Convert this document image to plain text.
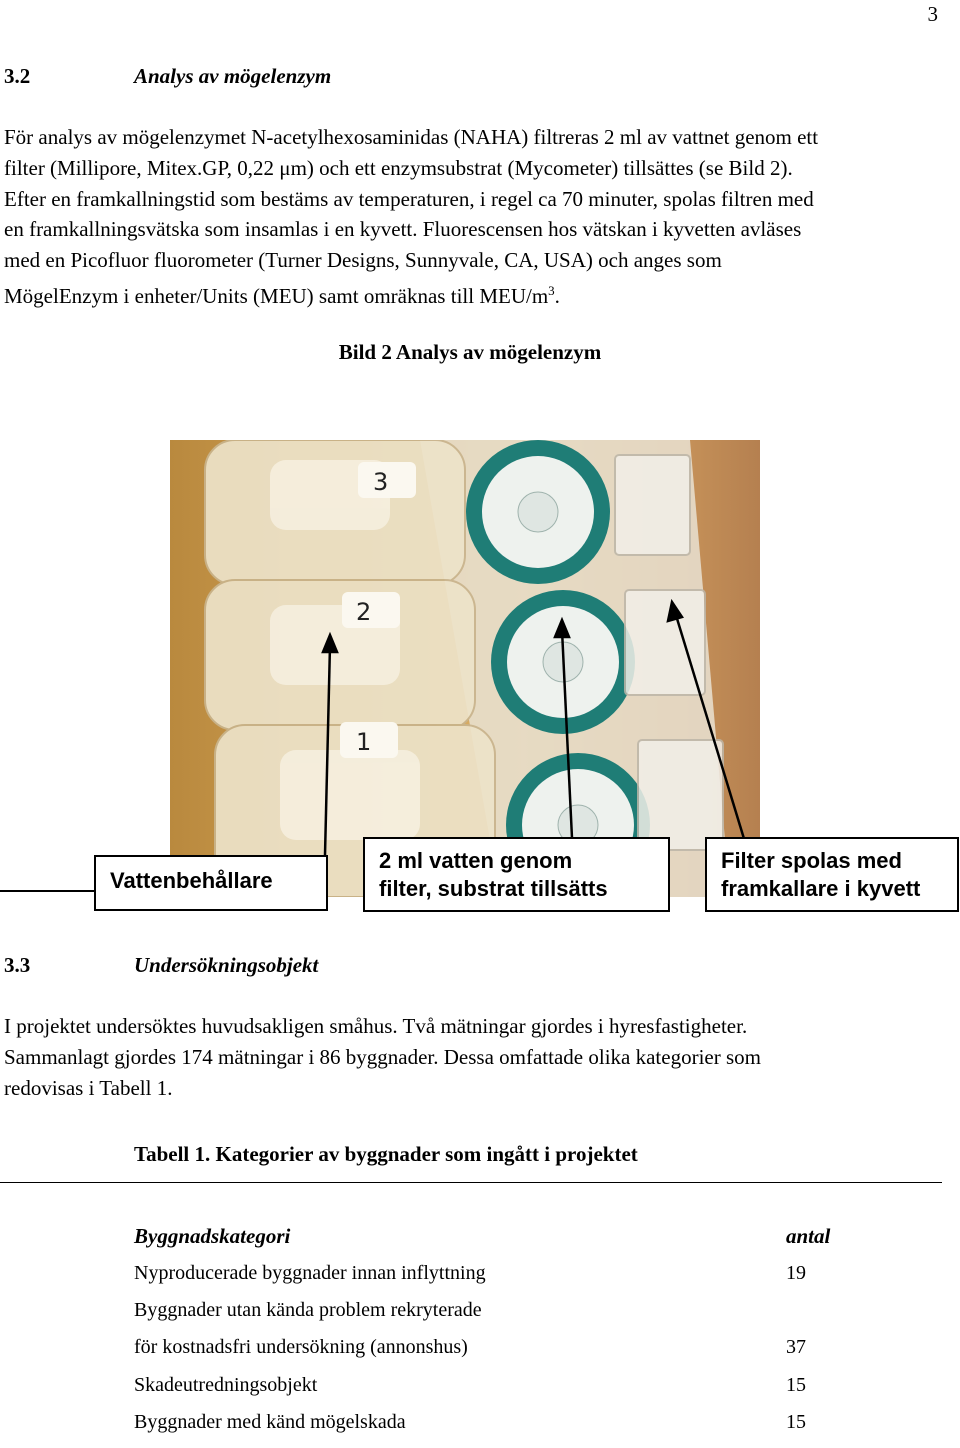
3
3.2	Analys av mögelenzym
För analys av mögelenzymet N-acetylhexosaminidas (NAHA) filtreras 2 ml av vattnet genom ett
filter (Millipore, Mitex.GP, 0,22 μm) och ett enzymsubstrat (Mycometer) tillsättes (se Bild 2).
Efter en framkallningstid som bestäms av temperaturen, i regel ca 70 minuter, spolas filtren med
en framkallningsvätska som insamlas i en kyvett. Fluorescensen hos vätskan i kyvetten avläses
med en Picofluor fluorometer (Turner Designs, Sunnyvale, CA, USA) och anges som
MögelEnzym i enheter/Units (MEU) samt omräknas till MEU/$m^3$.
Bild 2 Analys av mögelenzym
3
2
1
Vattenbehållare
2 ml vatten genom
filter, substrat tillsätts
Filter spolas med
framkallare i kyvett
3.3	Undersökningsobjekt
I projektet undersöktes huvudsakligen småhus. Två mätningar gjordes i hyresfastigheter.
Sammanlagt gjordes 174 mätningar i 86 byggnader. Dessa omfattade olika kategorier som
redovisas i Tabell 1.
Tabell 1. Kategorier av byggnader som ingått i projektet
Byggnadskategori	antal
Nyproducerade byggnader innan inflyttning	19
Byggnader utan kända problem rekryterade
för kostnadsfri undersökning (annonshus)	37
Skadeutredningsobjekt	15
Byggnader med känd mögelskada	15
